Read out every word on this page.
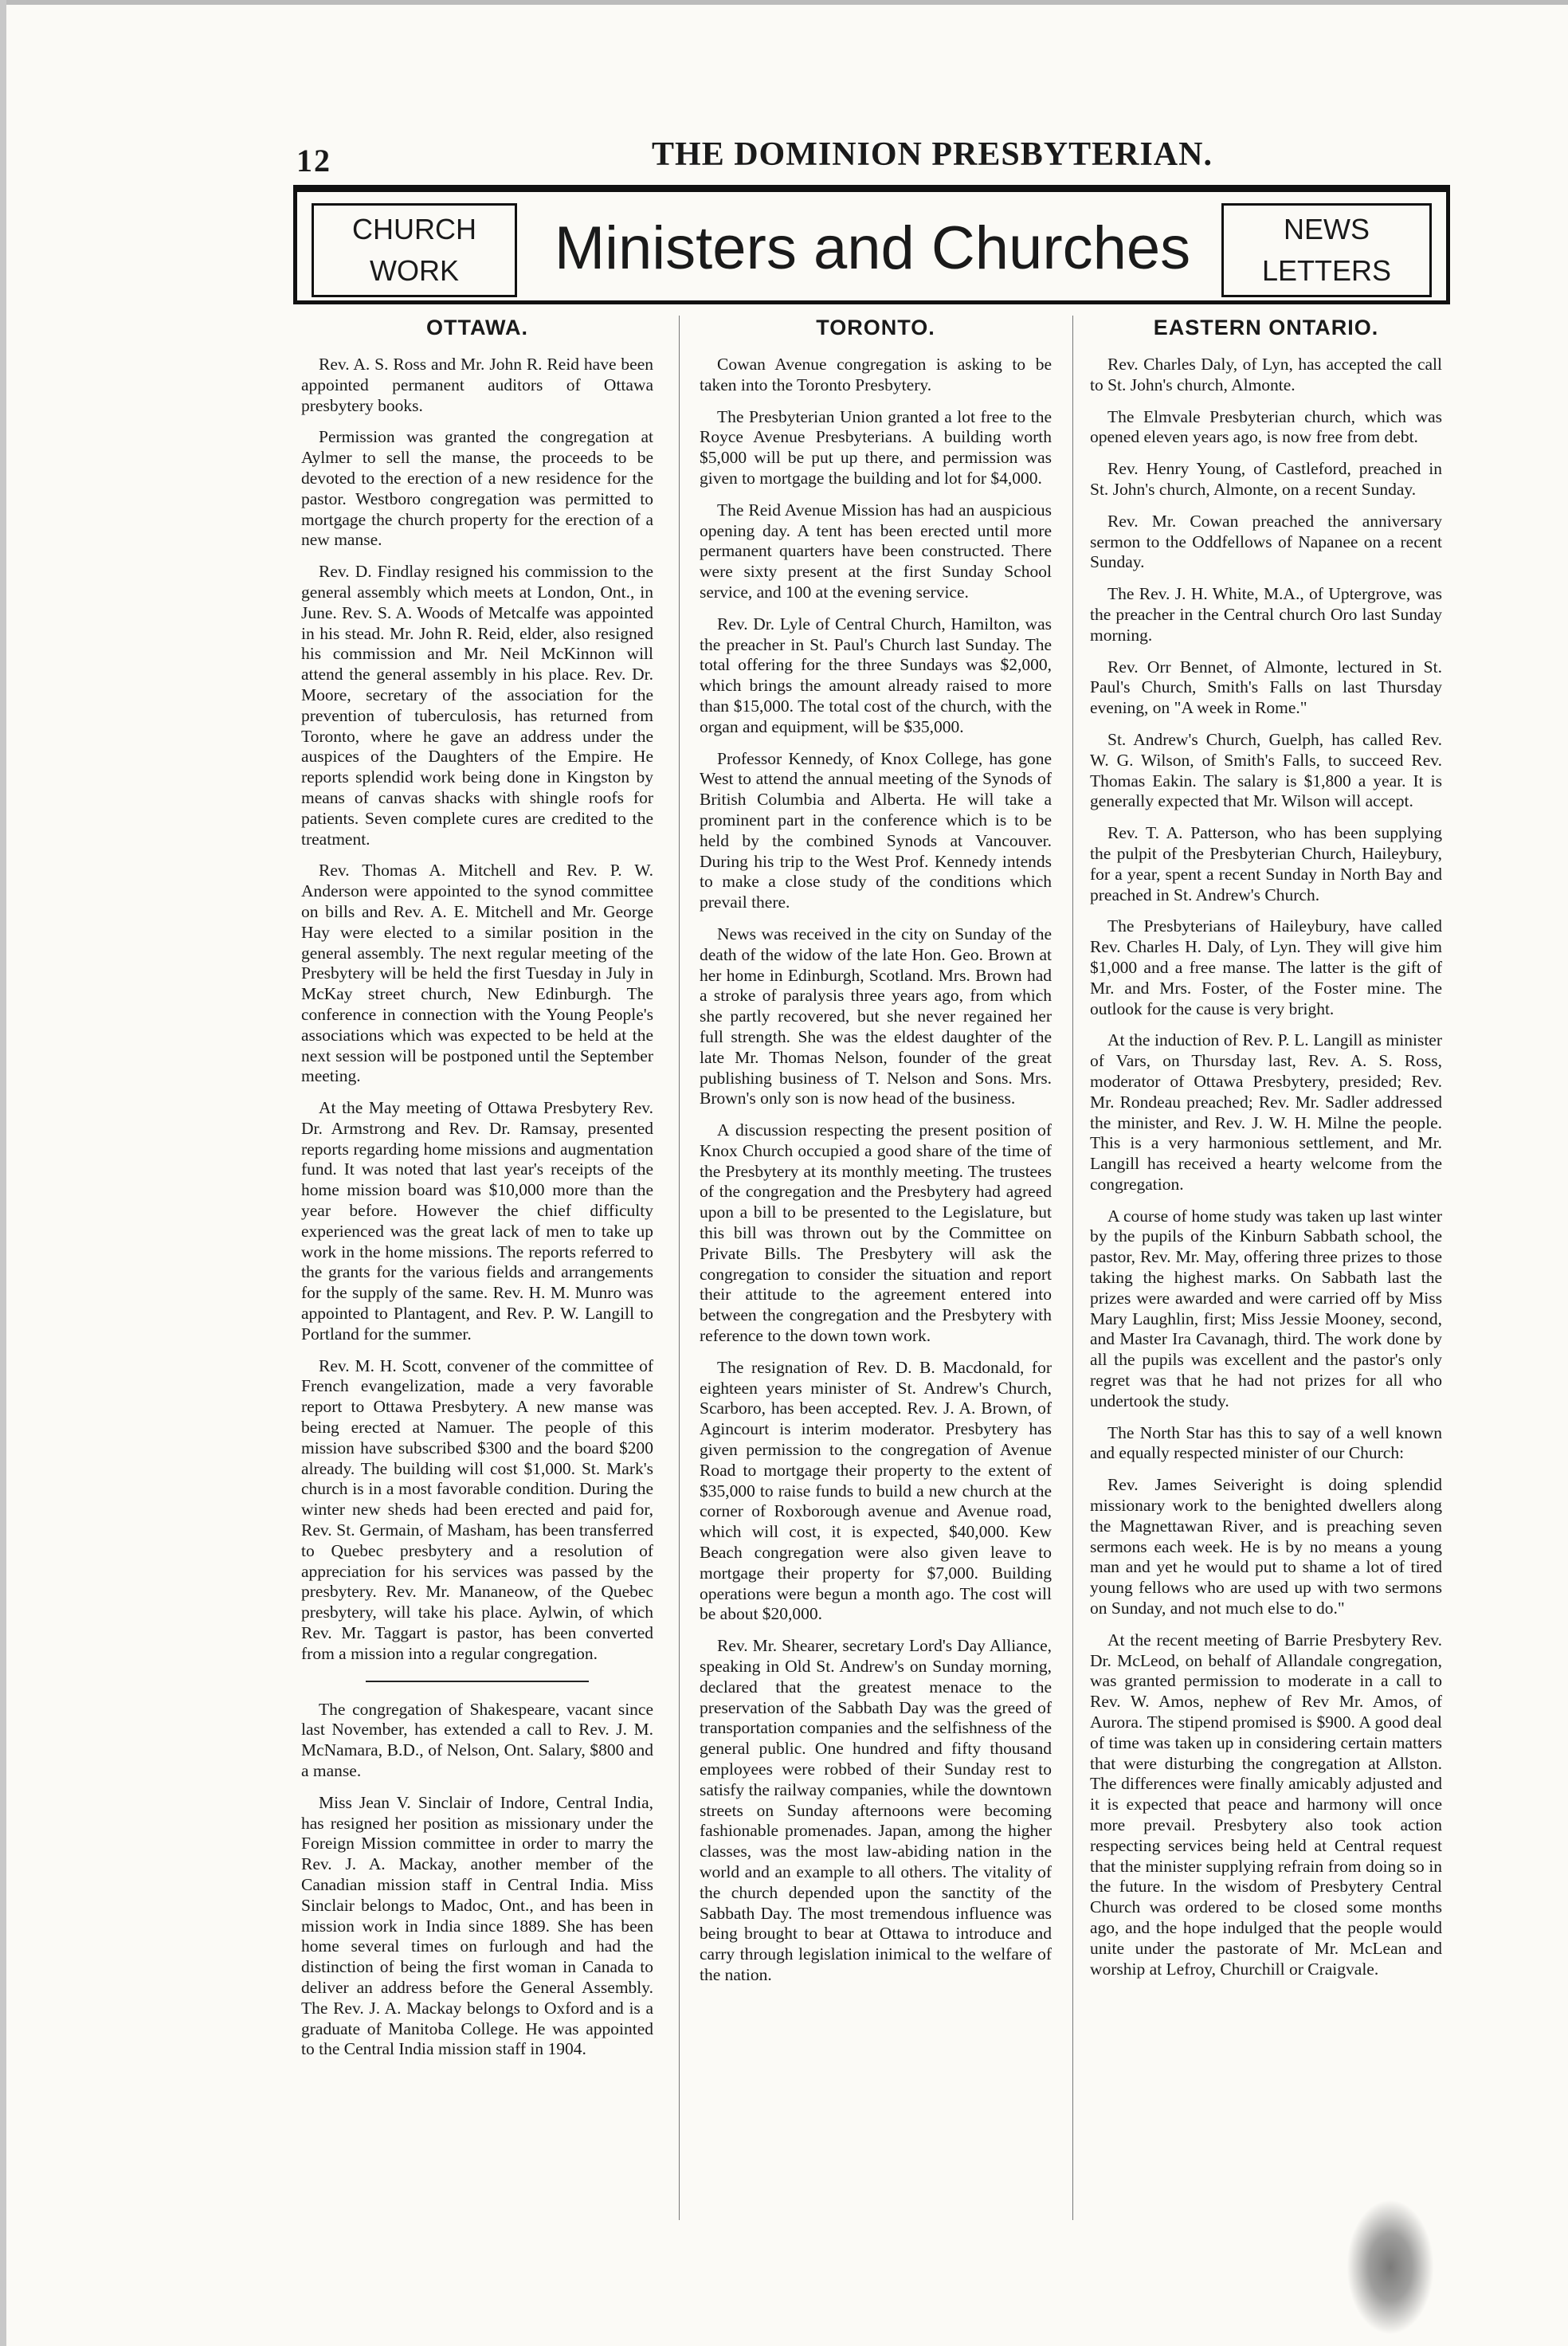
12	THE DOMINION PRESBYTERIAN.
CHURCH
WORK	Ministers and Churches	NEWS
LETTERS
OTTAWA.

Rev. A. S. Ross and Mr. John R. Reid have been appointed permanent auditors of Ottawa presbytery books.

Permission was granted the congregation at Aylmer to sell the manse, the proceeds to be devoted to the erection of a new residence for the pastor. Westboro congregation was permitted to mortgage the church property for the erection of a new manse.

Rev. D. Findlay resigned his commission to the general assembly which meets at London, Ont., in June. Rev. S. A. Woods of Metcalfe was appointed in his stead. Mr. John R. Reid, elder, also resigned his commission and Mr. Neil McKinnon will attend the general assembly in his place. Rev. Dr. Moore, secretary of the association for the prevention of tuberculosis, has returned from Toronto, where he gave an address under the auspices of the Daughters of the Empire. He reports splendid work being done in Kingston by means of canvas shacks with shingle roofs for patients. Seven complete cures are credited to the treatment.

Rev. Thomas A. Mitchell and Rev. P. W. Anderson were appointed to the synod committee on bills and Rev. A. E. Mitchell and Mr. George Hay were elected to a similar position in the general assembly. The next regular meeting of the Presbytery will be held the first Tuesday in July in McKay street church, New Edinburgh. The conference in connection with the Young People's associations which was expected to be held at the next session will be postponed until the September meeting.

At the May meeting of Ottawa Presbytery Rev. Dr. Armstrong and Rev. Dr. Ramsay, presented reports regarding home missions and augmentation fund. It was noted that last year's receipts of the home mission board was $10,000 more than the year before. However the chief difficulty experienced was the great lack of men to take up work in the home missions. The reports referred to the grants for the various fields and arrangements for the supply of the same. Rev. H. M. Munro was appointed to Plantagent, and Rev. P. W. Langill to Portland for the summer.

Rev. M. H. Scott, convener of the committee of French evangelization, made a very favorable report to Ottawa Presbytery. A new manse was being erected at Namuer. The people of this mission have subscribed $300 and the board $200 already. The building will cost $1,000. St. Mark's church is in a most favorable condition. During the winter new sheds had been erected and paid for, Rev. St. Germain, of Masham, has been transferred to Quebec presbytery and a resolution of appreciation for his services was passed by the presbytery. Rev. Mr. Mananeow, of the Quebec presbytery, will take his place. Aylwin, of which Rev. Mr. Taggart is pastor, has been converted from a mission into a regular congregation.

The congregation of Shakespeare, vacant since last November, has extended a call to Rev. J. M. McNamara, B.D., of Nelson, Ont. Salary, $800 and a manse.

Miss Jean V. Sinclair of Indore, Central India, has resigned her position as missionary under the Foreign Mission committee in order to marry the Rev. J. A. Mackay, another member of the Canadian mission staff in Central India. Miss Sinclair belongs to Madoc, Ont., and has been in mission work in India since 1889. She has been home several times on furlough and had the distinction of being the first woman in Canada to deliver an address before the General Assembly. The Rev. J. A. Mackay belongs to Oxford and is a graduate of Manitoba College. He was appointed to the Central India mission staff in 1904.

TORONTO.

Cowan Avenue congregation is asking to be taken into the Toronto Presbytery.

The Presbyterian Union granted a lot free to the Royce Avenue Presbyterians. A building worth $5,000 will be put up there, and permission was given to mortgage the building and lot for $4,000.

The Reid Avenue Mission has had an auspicious opening day. A tent has been erected until more permanent quarters have been constructed. There were sixty present at the first Sunday School service, and 100 at the evening service.

Rev. Dr. Lyle of Central Church, Hamilton, was the preacher in St. Paul's Church last Sunday. The total offering for the three Sundays was $2,000, which brings the amount already raised to more than $15,000. The total cost of the church, with the organ and equipment, will be $35,000.

Professor Kennedy, of Knox College, has gone West to attend the annual meeting of the Synods of British Columbia and Alberta. He will take a prominent part in the conference which is to be held by the combined Synods at Vancouver. During his trip to the West Prof. Kennedy intends to make a close study of the conditions which prevail there.

News was received in the city on Sunday of the death of the widow of the late Hon. Geo. Brown at her home in Edinburgh, Scotland. Mrs. Brown had a stroke of paralysis three years ago, from which she partly recovered, but she never regained her full strength. She was the eldest daughter of the late Mr. Thomas Nelson, founder of the great publishing business of T. Nelson and Sons. Mrs. Brown's only son is now head of the business.

A discussion respecting the present position of Knox Church occupied a good share of the time of the Presbytery at its monthly meeting. The trustees of the congregation and the Presbytery had agreed upon a bill to be presented to the Legislature, but this bill was thrown out by the Committee on Private Bills. The Presbytery will ask the congregation to consider the situation and report their attitude to the agreement entered into between the congregation and the Presbytery with reference to the down town work.

The resignation of Rev. D. B. Macdonald, for eighteen years minister of St. Andrew's Church, Scarboro, has been accepted. Rev. J. A. Brown, of Agincourt is interim moderator. Presbytery has given permission to the congregation of Avenue Road to mortgage their property to the extent of $35,000 to raise funds to build a new church at the corner of Roxborough avenue and Avenue road, which will cost, it is expected, $40,000. Kew Beach congregation were also given leave to mortgage their property for $7,000. Building operations were begun a month ago. The cost will be about $20,000.

Rev. Mr. Shearer, secretary Lord's Day Alliance, speaking in Old St. Andrew's on Sunday morning, declared that the greatest menace to the preservation of the Sabbath Day was the greed of transportation companies and the selfishness of the general public. One hundred and fifty thousand employees were robbed of their Sunday rest to satisfy the railway companies, while the downtown streets on Sunday afternoons were becoming fashionable promenades. Japan, among the higher classes, was the most law-abiding nation in the world and an example to all others. The vitality of the church depended upon the sanctity of the Sabbath Day. The most tremendous influence was being brought to bear at Ottawa to introduce and carry through legislation inimical to the welfare of the nation.

EASTERN ONTARIO.

Rev. Charles Daly, of Lyn, has accepted the call to St. John's church, Almonte.

The Elmvale Presbyterian church, which was opened eleven years ago, is now free from debt.

Rev. Henry Young, of Castleford, preached in St. John's church, Almonte, on a recent Sunday.

Rev. Mr. Cowan preached the anniversary sermon to the Oddfellows of Napanee on a recent Sunday.

The Rev. J. H. White, M.A., of Uptergrove, was the preacher in the Central church Oro last Sunday morning.

Rev. Orr Bennet, of Almonte, lectured in St. Paul's Church, Smith's Falls on last Thursday evening, on "A week in Rome."

St. Andrew's Church, Guelph, has called Rev. W. G. Wilson, of Smith's Falls, to succeed Rev. Thomas Eakin. The salary is $1,800 a year. It is generally expected that Mr. Wilson will accept.

Rev. T. A. Patterson, who has been supplying the pulpit of the Presbyterian Church, Haileybury, for a year, spent a recent Sunday in North Bay and preached in St. Andrew's Church.

The Presbyterians of Haileybury, have called Rev. Charles H. Daly, of Lyn. They will give him $1,000 and a free manse. The latter is the gift of Mr. and Mrs. Foster, of the Foster mine. The outlook for the cause is very bright.

At the induction of Rev. P. L. Langill as minister of Vars, on Thursday last, Rev. A. S. Ross, moderator of Ottawa Presbytery, presided; Rev. Mr. Rondeau preached; Rev. Mr. Sadler addressed the minister, and Rev. J. W. H. Milne the people. This is a very harmonious settlement, and Mr. Langill has received a hearty welcome from the congregation.

A course of home study was taken up last winter by the pupils of the Kinburn Sabbath school, the pastor, Rev. Mr. May, offering three prizes to those taking the highest marks. On Sabbath last the prizes were awarded and were carried off by Miss Mary Laughlin, first; Miss Jessie Mooney, second, and Master Ira Cavanagh, third. The work done by all the pupils was excellent and the pastor's only regret was that he had not prizes for all who undertook the study.

The North Star has this to say of a well known and equally respected minister of our Church:

Rev. James Seiveright is doing splendid missionary work to the benighted dwellers along the Magnettawan River, and is preaching seven sermons each week. He is by no means a young man and yet he would put to shame a lot of tired young fellows who are used up with two sermons on Sunday, and not much else to do."

At the recent meeting of Barrie Presbytery Rev. Dr. McLeod, on behalf of Allandale congregation, was granted permission to moderate in a call to Rev. W. Amos, nephew of Rev Mr. Amos, of Aurora. The stipend promised is $900. A good deal of time was taken up in considering certain matters that were disturbing the congregation at Allston. The differences were finally amicably adjusted and it is expected that peace and harmony will once more prevail. Presbytery also took action respecting services being held at Central request that the minister supplying refrain from doing so in the future. In the wisdom of Presbytery Central Church was ordered to be closed some months ago, and the hope indulged that the people would unite under the pastorate of Mr. McLean and worship at Lefroy, Churchill or Craigvale.
